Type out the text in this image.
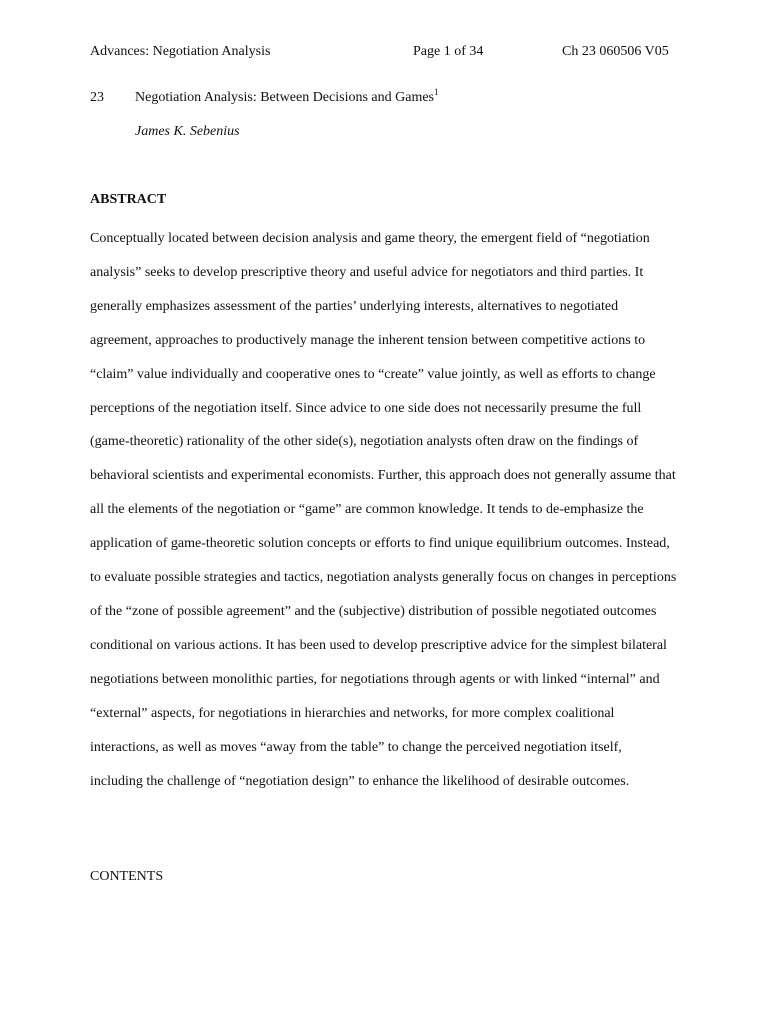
Advances: Negotiation Analysis	Page 1 of 34	Ch 23 060506 V05
23 Negotiation Analysis: Between Decisions and Games$^1$
James K. Sebenius
ABSTRACT

Conceptually located between decision analysis and game theory, the emergent field of “negotiation
analysis” seeks to develop prescriptive theory and useful advice for negotiators and third parties. It
generally emphasizes assessment of the parties’ underlying interests, alternatives to negotiated
agreement, approaches to productively manage the inherent tension between competitive actions to
“claim” value individually and cooperative ones to “create” value jointly, as well as efforts to change
perceptions of the negotiation itself. Since advice to one side does not necessarily presume the full
(game-theoretic) rationality of the other side(s), negotiation analysts often draw on the findings of
behavioral scientists and experimental economists. Further, this approach does not generally assume that
all the elements of the negotiation or “game” are common knowledge. It tends to de-emphasize the
application of game-theoretic solution concepts or efforts to find unique equilibrium outcomes. Instead,
to evaluate possible strategies and tactics, negotiation analysts generally focus on changes in perceptions
of the “zone of possible agreement” and the (subjective) distribution of possible negotiated outcomes
conditional on various actions. It has been used to develop prescriptive advice for the simplest bilateral
negotiations between monolithic parties, for negotiations through agents or with linked “internal” and
“external” aspects, for negotiations in hierarchies and networks, for more complex coalitional
interactions, as well as moves “away from the table” to change the perceived negotiation itself,
including the challenge of “negotiation design” to enhance the likelihood of desirable outcomes.

CONTENTS
